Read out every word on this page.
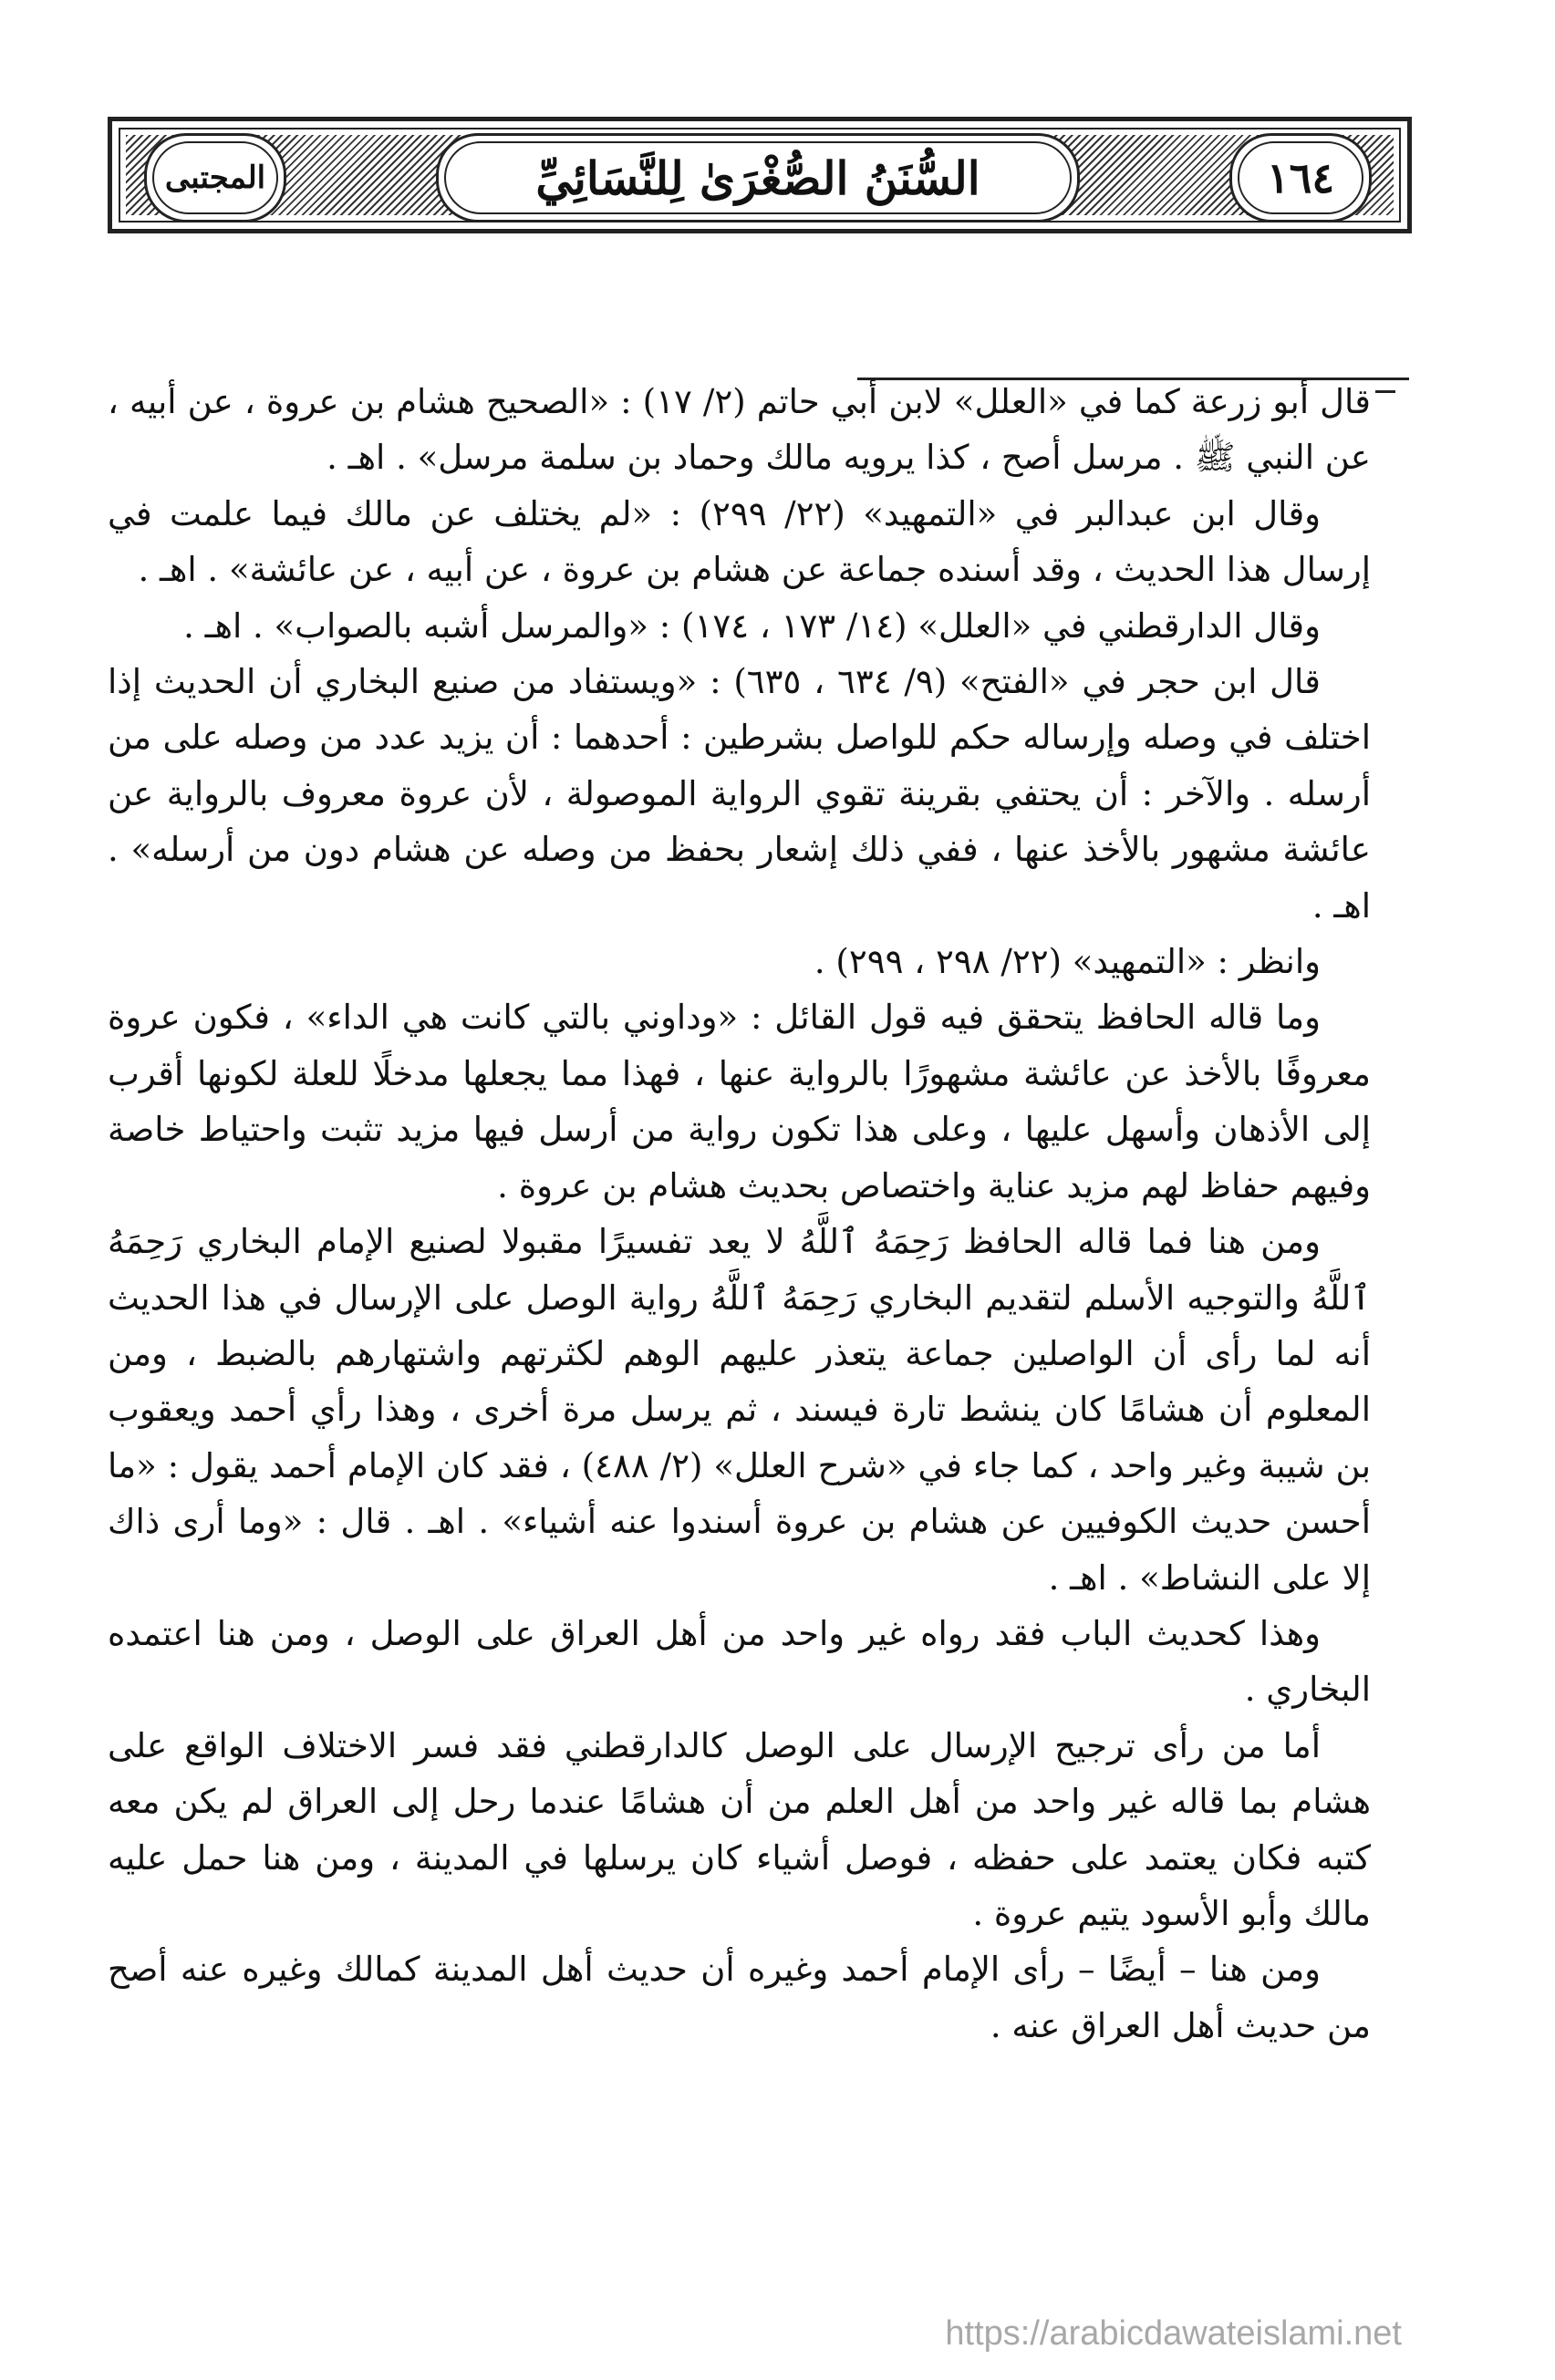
المجتبى	السُّنَنُ الصُّغْرَىٰ لِلنَّسَائِيِّ	١٦٤

قال أبو زرعة كما في «العلل» لابن أبي حاتم (٢/ ١٧) : «الصحيح هشام بن عروة ، عن أبيه ، عن النبي ﷺ . مرسل أصح ، كذا يرويه مالك وحماد بن سلمة مرسل» . اهـ .

وقال ابن عبدالبر في «التمهيد» (٢٢/ ٢٩٩) : «لم يختلف عن مالك فيما علمت في إرسال هذا الحديث ، وقد أسنده جماعة عن هشام بن عروة ، عن أبيه ، عن عائشة» . اهـ .

وقال الدارقطني في «العلل» (١٤/ ١٧٣ ، ١٧٤) : «والمرسل أشبه بالصواب» . اهـ .

قال ابن حجر في «الفتح» (٩/ ٦٣٤ ، ٦٣٥) : «ويستفاد من صنيع البخاري أن الحديث إذا اختلف في وصله وإرساله حكم للواصل بشرطين : أحدهما : أن يزيد عدد من وصله على من أرسله . والآخر : أن يحتفي بقرينة تقوي الرواية الموصولة ، لأن عروة معروف بالرواية عن عائشة مشهور بالأخذ عنها ، ففي ذلك إشعار بحفظ من وصله عن هشام دون من أرسله» . اهـ .

وانظر : «التمهيد» (٢٢/ ٢٩٨ ، ٢٩٩) .

وما قاله الحافظ يتحقق فيه قول القائل : «وداوني بالتي كانت هي الداء» ، فكون عروة معروفًا بالأخذ عن عائشة مشهورًا بالرواية عنها ، فهذا مما يجعلها مدخلًا للعلة لكونها أقرب إلى الأذهان وأسهل عليها ، وعلى هذا تكون رواية من أرسل فيها مزيد تثبت واحتياط خاصة وفيهم حفاظ لهم مزيد عناية واختصاص بحديث هشام بن عروة .

ومن هنا فما قاله الحافظ رَحِمَهُ ٱللَّهُ لا يعد تفسيرًا مقبولا لصنيع الإمام البخاري رَحِمَهُ ٱللَّهُ والتوجيه الأسلم لتقديم البخاري رَحِمَهُ ٱللَّهُ رواية الوصل على الإرسال في هذا الحديث أنه لما رأى أن الواصلين جماعة يتعذر عليهم الوهم لكثرتهم واشتهارهم بالضبط ، ومن المعلوم أن هشامًا كان ينشط تارة فيسند ، ثم يرسل مرة أخرى ، وهذا رأي أحمد ويعقوب بن شيبة وغير واحد ، كما جاء في «شرح العلل» (٢/ ٤٨٨) ، فقد كان الإمام أحمد يقول : «ما أحسن حديث الكوفيين عن هشام بن عروة أسندوا عنه أشياء» . اهـ . قال : «وما أرى ذاك إلا على النشاط» . اهـ .

وهذا كحديث الباب فقد رواه غير واحد من أهل العراق على الوصل ، ومن هنا اعتمده البخاري .

أما من رأى ترجيح الإرسال على الوصل كالدارقطني فقد فسر الاختلاف الواقع على هشام بما قاله غير واحد من أهل العلم من أن هشامًا عندما رحل إلى العراق لم يكن معه كتبه فكان يعتمد على حفظه ، فوصل أشياء كان يرسلها في المدينة ، ومن هنا حمل عليه مالك وأبو الأسود يتيم عروة .

ومن هنا – أيضًا – رأى الإمام أحمد وغيره أن حديث أهل المدينة كمالك وغيره عنه أصح من حديث أهل العراق عنه .

https://arabicdawateislami.net
